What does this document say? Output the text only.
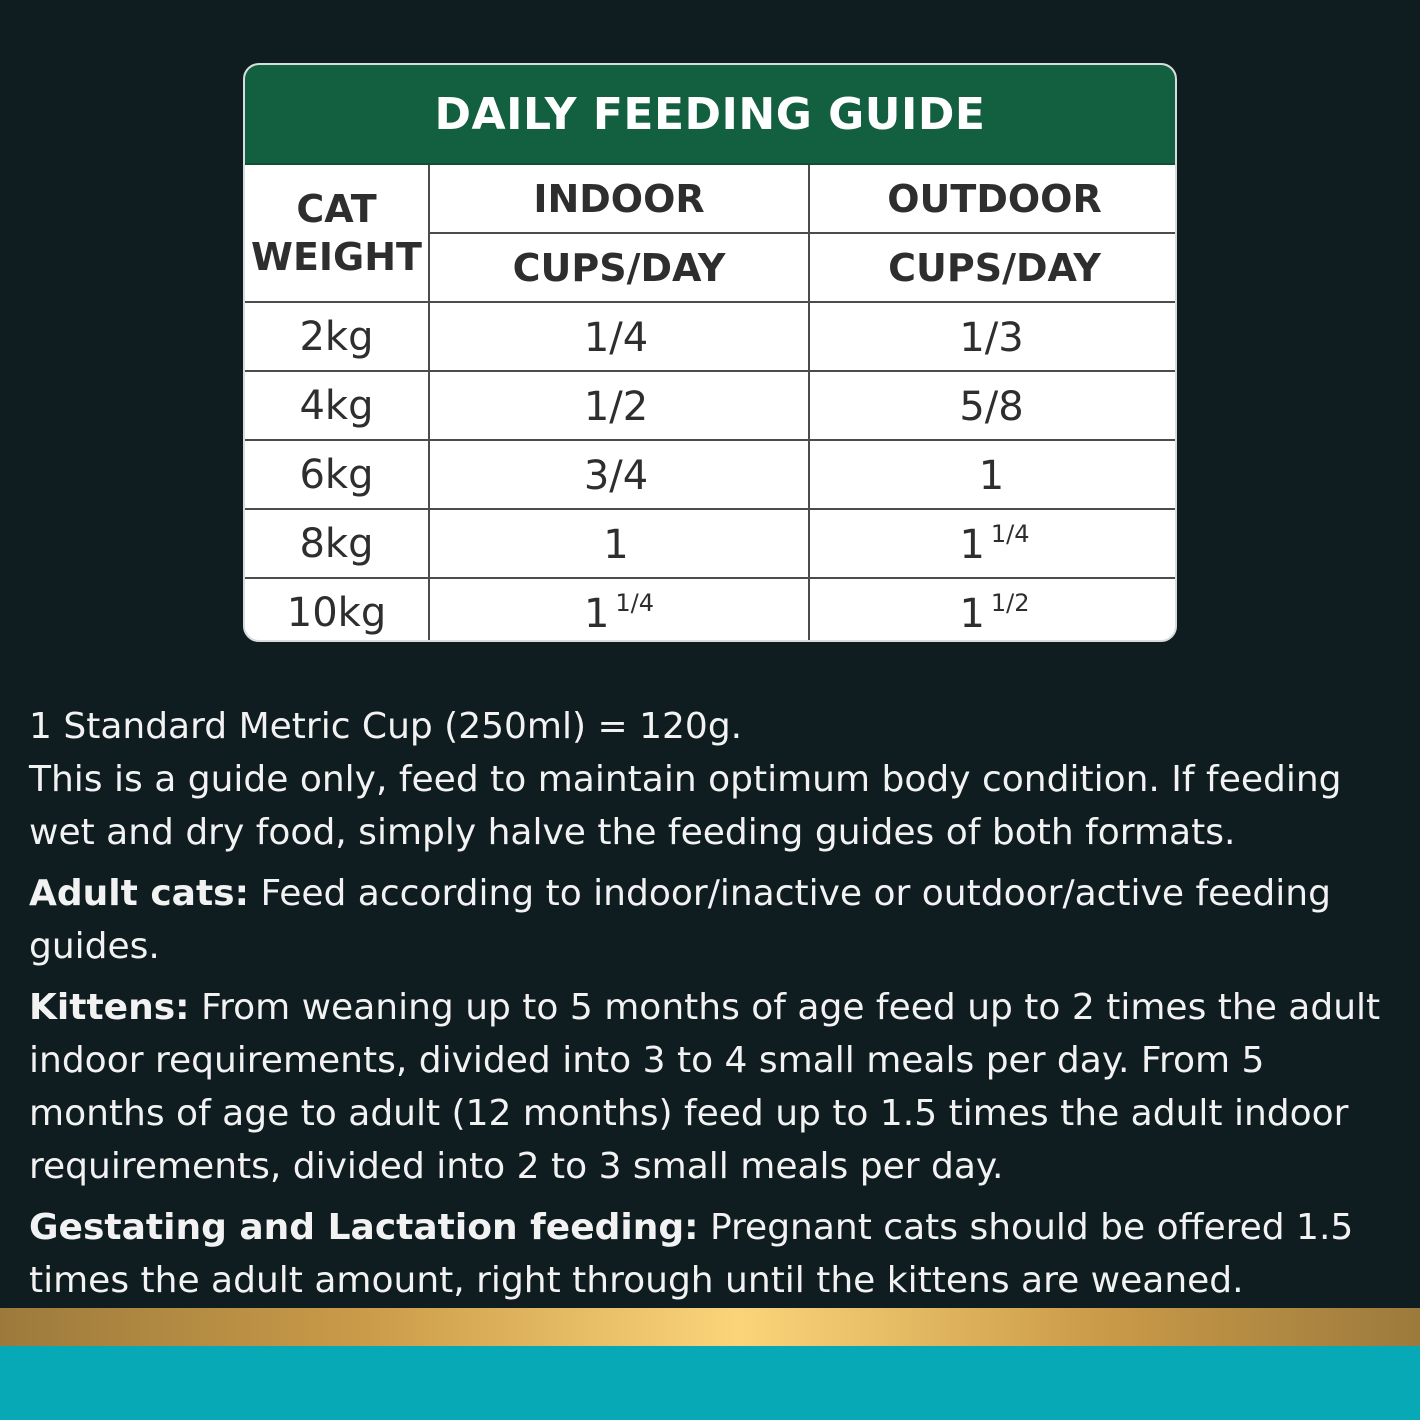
DAILY FEEDING GUIDE
CAT WEIGHT	INDOOR	OUTDOOR
	CUPS/DAY	CUPS/DAY
2kg	1/4	1/3
4kg	1/2	5/8
6kg	3/4	1
8kg	1	1 $^{1/4}$
10kg	1 $^{1/4}$	1 $^{1/2}$

1 Standard Metric Cup (250ml) = 120g.
This is a guide only, feed to maintain optimum body condition. If feeding wet and dry food, simply halve the feeding guides of both formats.

Adult cats: Feed according to indoor/inactive or outdoor/active feeding guides.

Kittens: From weaning up to 5 months of age feed up to 2 times the adult indoor requirements, divided into 3 to 4 small meals per day. From 5 months of age to adult (12 months) feed up to 1.5 times the adult indoor requirements, divided into 2 to 3 small meals per day.

Gestating and Lactation feeding: Pregnant cats should be offered 1.5 times the adult amount, right through until the kittens are weaned.
